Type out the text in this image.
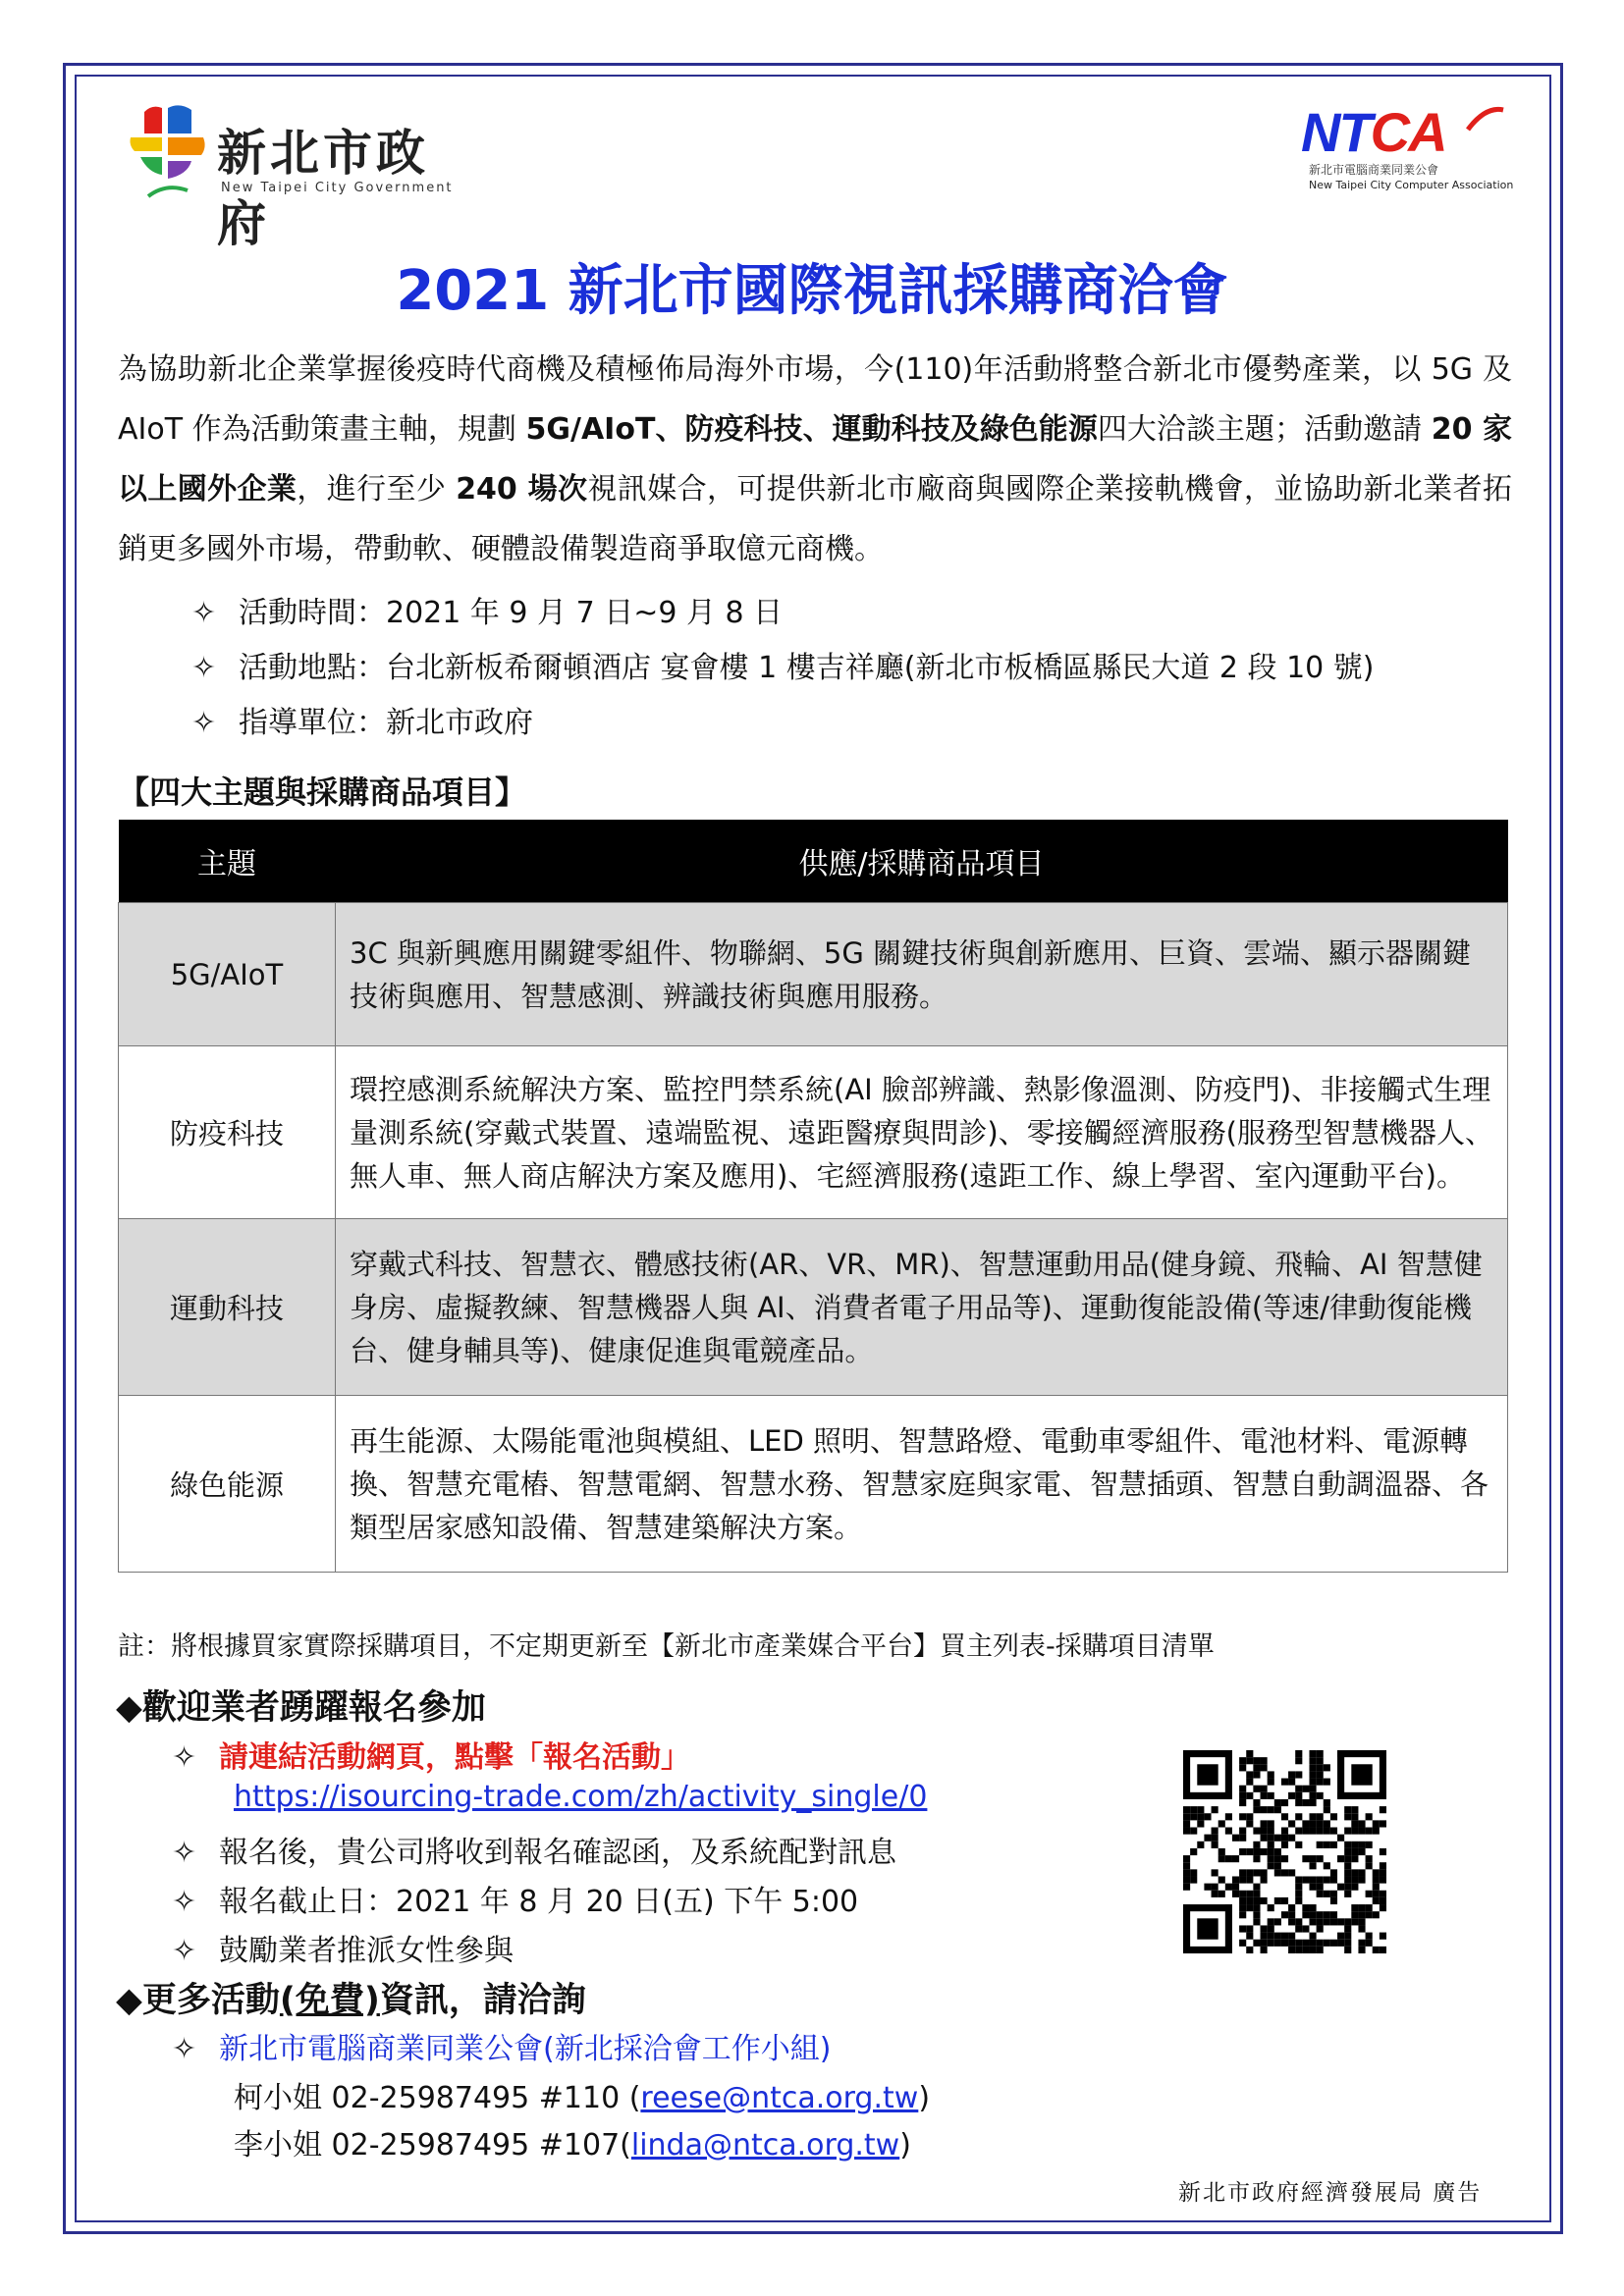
新北市政府
New Taipei City Government
NTCA
新北市電腦商業同業公會
New Taipei City Computer Association
2021 新北市國際視訊採購商洽會
為協助新北企業掌握後疫時代商機及積極佈局海外市場，今(110)年活動將整合新北市優勢產業，以 5G 及 AIoT 作為活動策畫主軸，規劃 5G/AIoT、防疫科技、運動科技及綠色能源四大洽談主題；活動邀請 20 家以上國外企業，進行至少 240 場次視訊媒合，可提供新北市廠商與國際企業接軌機會，並協助新北業者拓銷更多國外市場，帶動軟、硬體設備製造商爭取億元商機。
✧ 活動時間：2021 年 9 月 7 日~9 月 8 日
✧ 活動地點：台北新板希爾頓酒店 宴會樓 1 樓吉祥廳(新北市板橋區縣民大道 2 段 10 號)
✧ 指導單位：新北市政府
【四大主題與採購商品項目】
主題	供應/採購商品項目
5G/AIoT	3C 與新興應用關鍵零組件、物聯網、5G 關鍵技術與創新應用、巨資、雲端、顯示器關鍵技術與應用、智慧感測、辨識技術與應用服務。
防疫科技	環控感測系統解決方案、監控門禁系統(AI 臉部辨識、熱影像溫測、防疫門)、非接觸式生理量測系統(穿戴式裝置、遠端監視、遠距醫療與問診)、零接觸經濟服務(服務型智慧機器人、無人車、無人商店解決方案及應用)、宅經濟服務(遠距工作、線上學習、室內運動平台)。
運動科技	穿戴式科技、智慧衣、體感技術(AR、VR、MR)、智慧運動用品(健身鏡、飛輪、AI 智慧健身房、虛擬教練、智慧機器人與 AI、消費者電子用品等)、運動復能設備(等速/律動復能機台、健身輔具等)、健康促進與電競產品。
綠色能源	再生能源、太陽能電池與模組、LED 照明、智慧路燈、電動車零組件、電池材料、電源轉換、智慧充電樁、智慧電網、智慧水務、智慧家庭與家電、智慧插頭、智慧自動調溫器、各類型居家感知設備、智慧建築解決方案。
註：將根據買家實際採購項目，不定期更新至【新北市產業媒合平台】買主列表-採購項目清單
◆歡迎業者踴躍報名參加
✧ 請連結活動網頁，點擊「報名活動」
https://isourcing-trade.com/zh/activity_single/0
✧ 報名後，貴公司將收到報名確認函，及系統配對訊息
✧ 報名截止日：2021 年 8 月 20 日(五) 下午 5:00
✧ 鼓勵業者推派女性參與
◆更多活動(免費)資訊，請洽詢
✧ 新北市電腦商業同業公會(新北採洽會工作小組)
柯小姐 02-25987495 #110 (reese@ntca.org.tw)
李小姐 02-25987495 #107(linda@ntca.org.tw)
新北市政府經濟發展局 廣告
